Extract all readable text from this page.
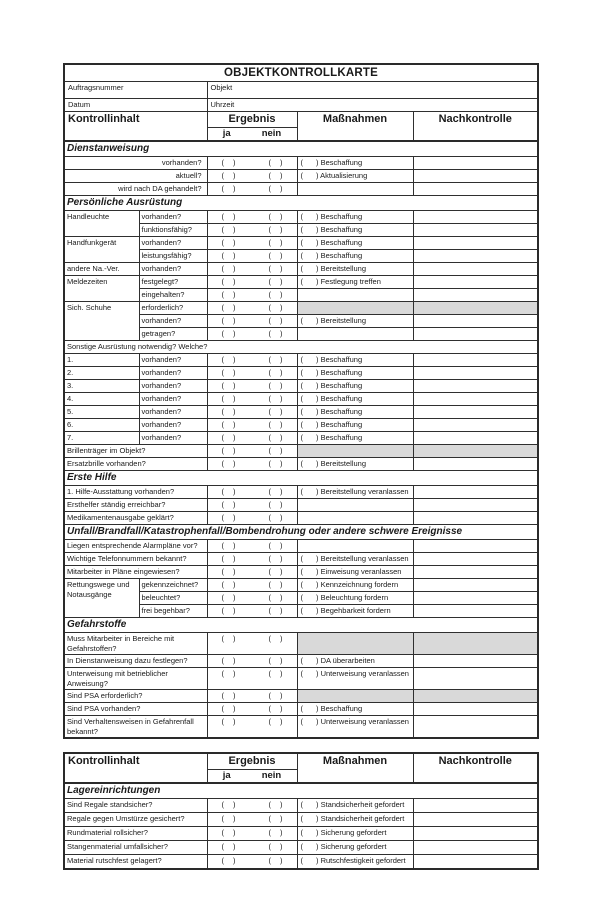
OBJEKTKONTROLLKARTE				
Auftragsnummer		Objekt		
Datum		Uhrzeit		
Kontrollinhalt		Ergebnis	Maßnahmen	Nachkontrolle

		ja nein		

Dienstanweisung				
vorhanden?		( ) ( )	( ) Beschaffung	
aktuell?		( ) ( )	( ) Aktualisierung	
wird nach DA gehandelt?		( ) ( )		

Persönliche Ausrüstung				
Handleuchte	vorhanden?	( ) ( )	( ) Beschaffung	
	funktionsfähig?	( ) ( )	( ) Beschaffung	
Handfunkgerät	vorhanden?	( ) ( )	( ) Beschaffung	
	leistungsfähig?	( ) ( )	( ) Beschaffung	
andere Na.-Ver.	vorhanden?	( ) ( )	( ) Bereitstellung	
Meldezeiten	festgelegt?	( ) ( )	( ) Festlegung treffen	
	eingehalten?	( ) ( )		

Sich. Schuhe	erforderlich?	( ) ( )		

	vorhanden?	( ) ( )	( ) Bereitstellung	
	getragen?	( ) ( )		

Sonstige Ausrüstung notwendig? Welche?				
1.	vorhanden?	( ) ( )	( ) Beschaffung	
2.	vorhanden?	( ) ( )	( ) Beschaffung	
3.	vorhanden?	( ) ( )	( ) Beschaffung	
4.	vorhanden?	( ) ( )	( ) Beschaffung	
5.	vorhanden?	( ) ( )	( ) Beschaffung	
6.	vorhanden?	( ) ( )	( ) Beschaffung	
7.	vorhanden?	( ) ( )	( ) Beschaffung	
Brillenträger im Objekt?		( ) ( )		

Ersatzbrille vorhanden?		( ) ( )	( ) Bereitstellung	
Erste Hilfe				
1. Hilfe-Ausstattung vorhanden?		( ) ( )	( ) Bereitstellung veranlassen	
Ersthelfer ständig erreichbar?		( ) ( )		

Medikamentenausgabe geklärt?		( ) ( )		

Unfall/Brandfall/Katastrophenfall/Bombendrohung oder andere schwere Ereignisse				
Liegen entsprechende Alarmpläne vor?		( ) ( )		

Wichtige Telefonnummern bekannt?		( ) ( )	( ) Bereitstellung veranlassen	
Mitarbeiter in Pläne eingewiesen?		( ) ( )	( ) Einweisung veranlassen	
Rettungswege und Notausgänge	gekennzeichnet?	( ) ( )	( ) Kennzeichnung fordern	
	beleuchtet?	( ) ( )	( ) Beleuchtung fordern	
	frei begehbar?	( ) ( )	( ) Begehbarkeit fordern	
Gefahrstoffe				
Muss Mitarbeiter in Bereiche mit Gefahrstoffen?		( ) ( )		

In Dienstanweisung dazu festlegen?		( ) ( )	( ) DA überarbeiten	
Unterweisung mit betrieblicher Anweisung?		( ) ( )	( ) Unterweisung veranlassen	
Sind PSA erforderlich?		( ) ( )		

Sind PSA vorhanden?		( ) ( )	( ) Beschaffung	
Sind Verhaltensweisen in Gefahrenfall bekannt?		( ) ( )	( ) Unterweisung veranlassen	
Kontrollinhalt	Ergebnis	Maßnahmen	Nachkontrolle

	ja nein		

Lagereinrichtungen			
Sind Regale standsicher?	( ) ( )	( ) Standsicherheit gefordert	
Regale gegen Umstürze gesichert?	( ) ( )	( ) Standsicherheit gefordert	
Rundmaterial rollsicher?	( ) ( )	( ) Sicherung gefordert	
Stangenmaterial umfallsicher?	( ) ( )	( ) Sicherung gefordert	
Material rutschfest gelagert?	( ) ( )	( ) Rutschfestigkeit gefordert	
